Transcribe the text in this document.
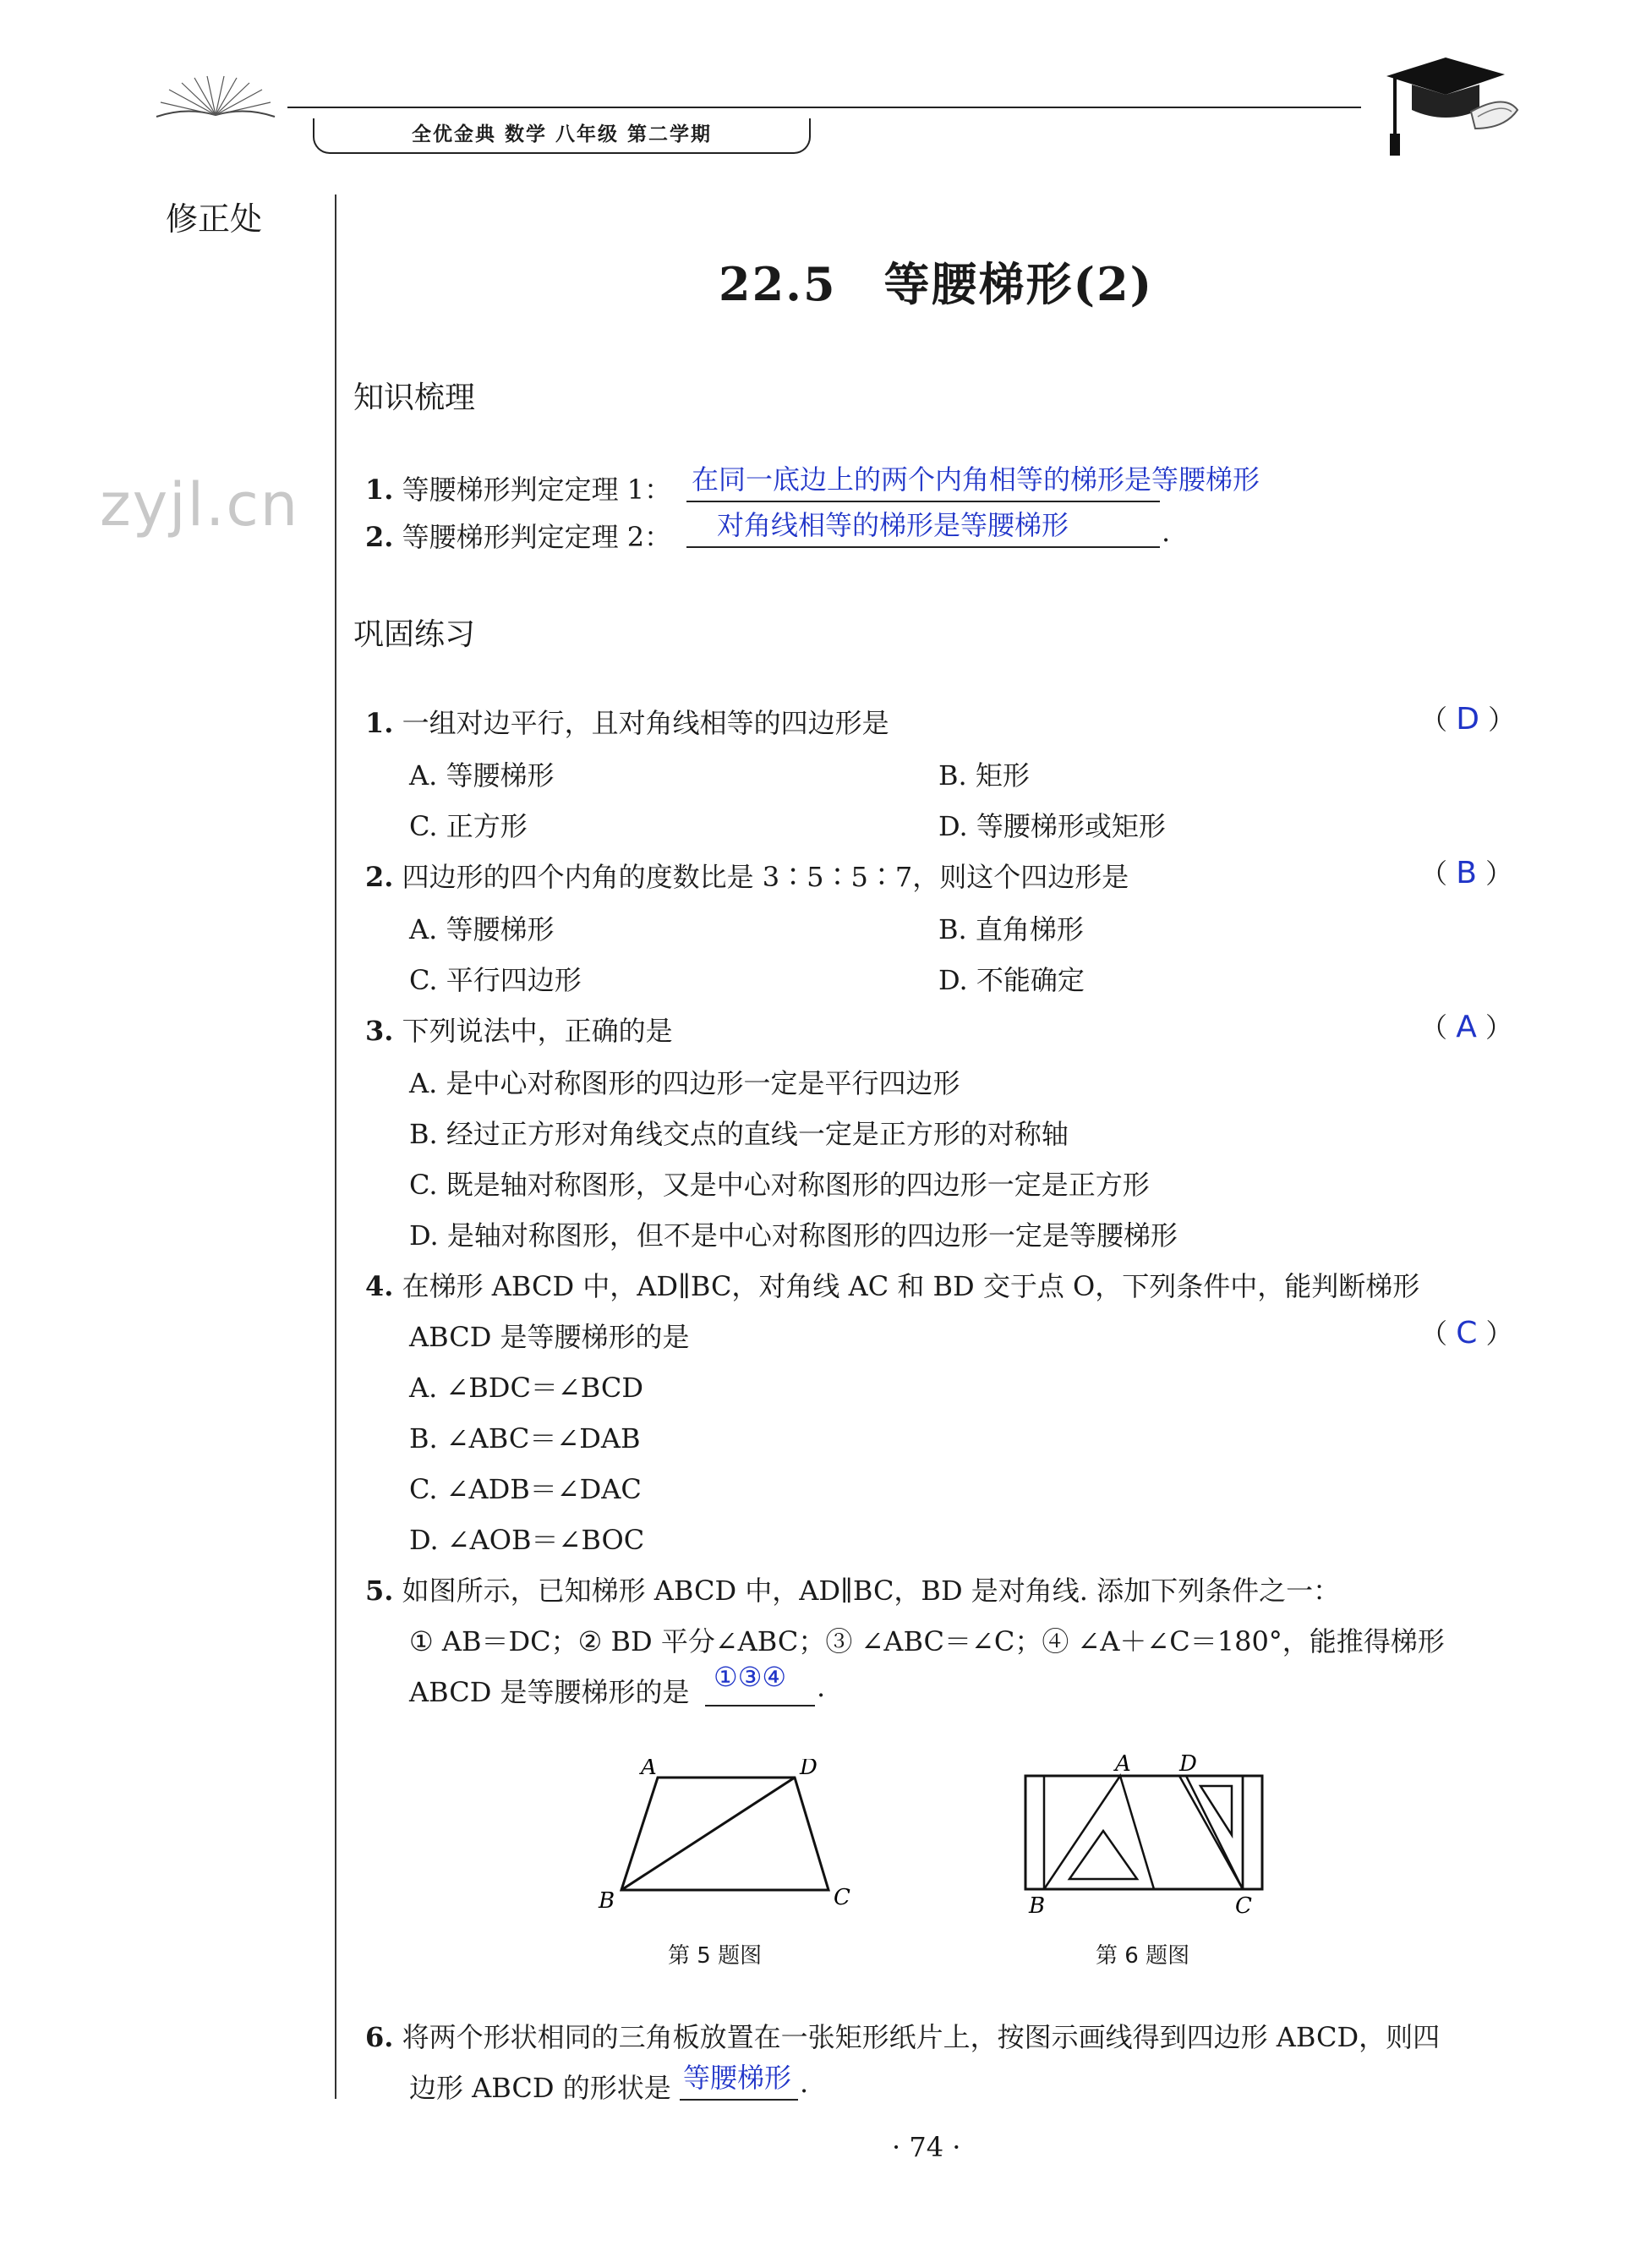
全优金典 数学 八年级 第二学期
修正处
zyjl.cn
22.5　等腰梯形(2)
知识梳理
1. 等腰梯形判定定理 1： 在同一底边上的两个内角相等的梯形是等腰梯形
2. 等腰梯形判定定理 2： 对角线相等的梯形是等腰梯形	.
巩固练习
1. 一组对边平行，且对角线相等的四边形是	（ D ）
A. 等腰梯形	B. 矩形
C. 正方形	D. 等腰梯形或矩形
2. 四边形的四个内角的度数比是 3∶5∶5∶7，则这个四边形是	（ B ）
A. 等腰梯形	B. 直角梯形
C. 平行四边形	D. 不能确定
3. 下列说法中，正确的是	（ A ）
A. 是中心对称图形的四边形一定是平行四边形
B. 经过正方形对角线交点的直线一定是正方形的对称轴
C. 既是轴对称图形，又是中心对称图形的四边形一定是正方形
D. 是轴对称图形，但不是中心对称图形的四边形一定是等腰梯形
4. 在梯形 ABCD 中，AD∥BC，对角线 AC 和 BD 交于点 O，下列条件中，能判断梯形
ABCD 是等腰梯形的是	（ C ）
A. ∠BDC＝∠BCD
B. ∠ABC＝∠DAB
C. ∠ADB＝∠DAC
D. ∠AOB＝∠BOC
5. 如图所示，已知梯形 ABCD 中，AD∥BC，BD 是对角线. 添加下列条件之一：
① AB＝DC；② BD 平分∠ABC；③ ∠ABC＝∠C；④ ∠A＋∠C＝180°，能推得梯形
ABCD 是等腰梯形的是 ①③④ .
A	D
B	C
第 5 题图
A D
B	C
第 6 题图
6. 将两个形状相同的三角板放置在一张矩形纸片上，按图示画线得到四边形 ABCD，则四
边形 ABCD 的形状是 等腰梯形 .
· 74 ·
